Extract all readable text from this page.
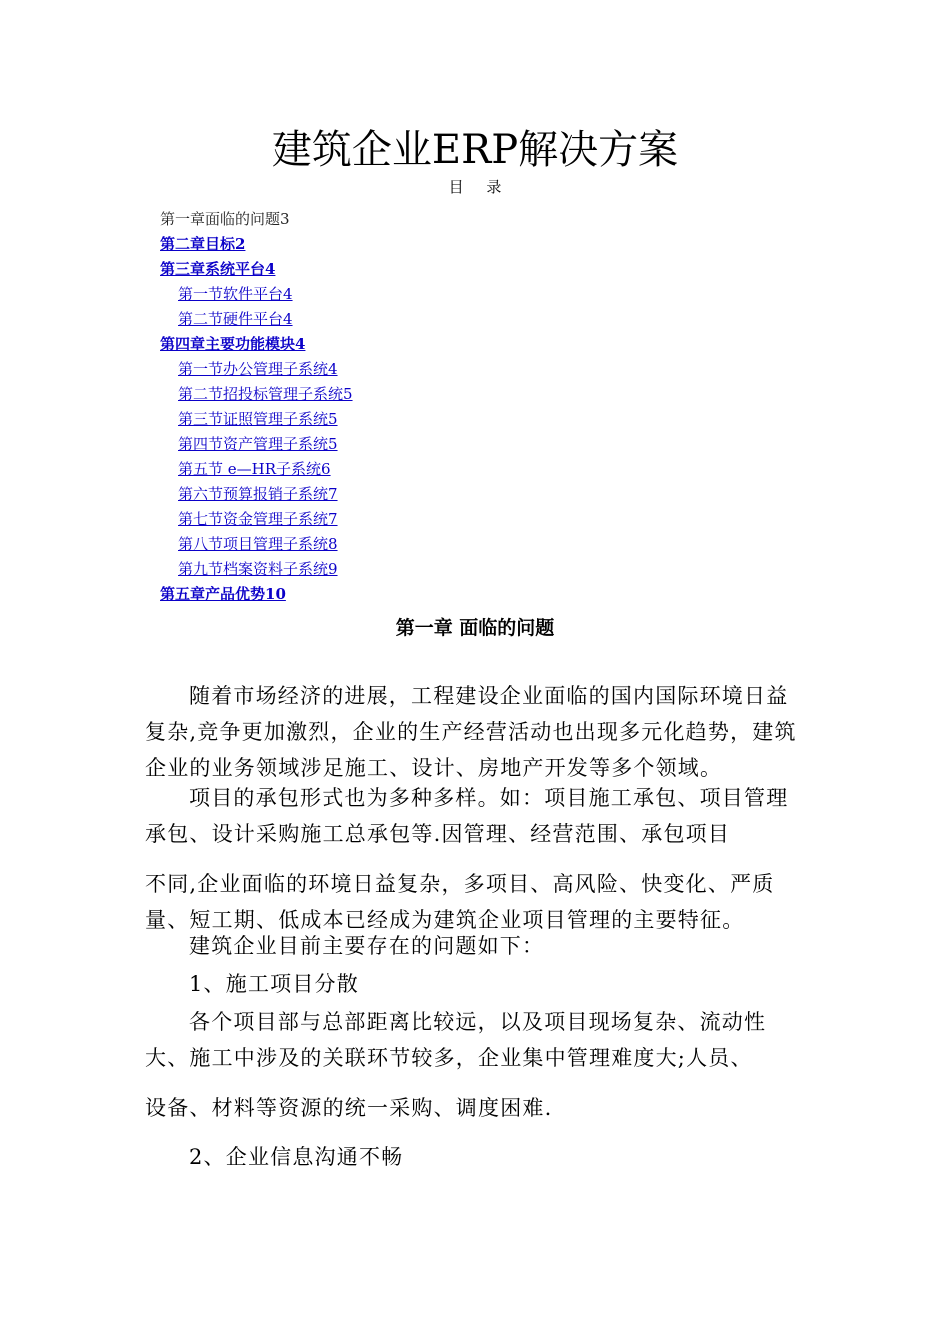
建筑企业ERP解决方案
目 录
第一章面临的问题3
第二章目标2
第三章系统平台4
第一节软件平台4
第二节硬件平台4
第四章主要功能模块4
第一节办公管理子系统4
第二节招投标管理子系统5
第三节证照管理子系统5
第四节资产管理子系统5
第五节 e—HR子系统6
第六节预算报销子系统7
第七节资金管理子系统7
第八节项目管理子系统8
第九节档案资料子系统9
第五章产品优势10
第一章 面临的问题

随着市场经济的进展，工程建设企业面临的国内国际环境日益复杂,竞争更加激烈，企业的生产经营活动也出现多元化趋势，建筑企业的业务领域涉足施工、设计、房地产开发等多个领域。

项目的承包形式也为多种多样。如：项目施工承包、项目管理承包、设计采购施工总承包等.因管理、经营范围、承包项目

不同,企业面临的环境日益复杂，多项目、高风险、快变化、严质量、短工期、低成本已经成为建筑企业项目管理的主要特征。

建筑企业目前主要存在的问题如下：

1、施工项目分散

各个项目部与总部距离比较远，以及项目现场复杂、流动性大、施工中涉及的关联环节较多，企业集中管理难度大;人员、

设备、材料等资源的统一采购、调度困难.

2、企业信息沟通不畅
